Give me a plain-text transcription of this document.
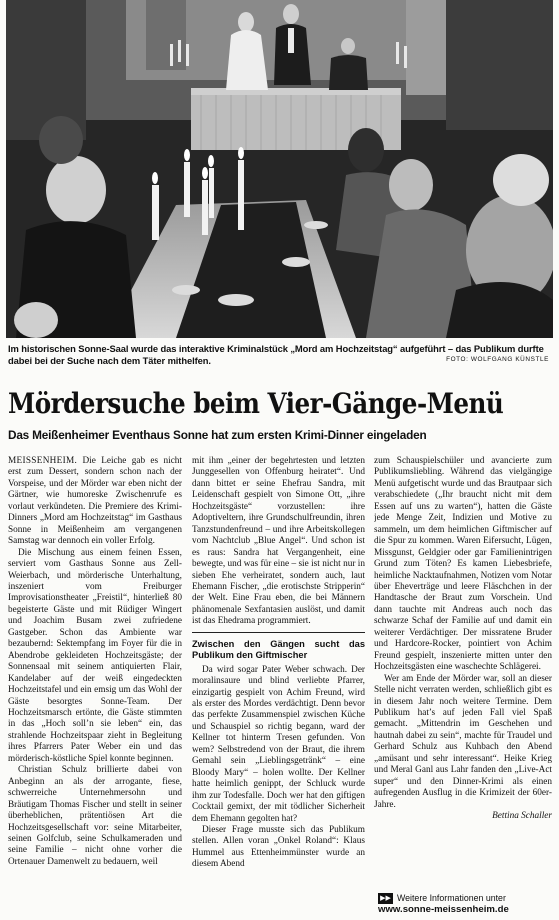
Im historischen Sonne-Saal wurde das interaktive Kriminalstück „Mord am Hochzeitstag“ aufgeführt – das Publikum durfte dabei bei der Suche nach dem Täter mithelfen.	FOTO: WOLFGANG KÜNSTLE
Mördersuche beim Vier-Gänge-Menü
Das Meißenheimer Eventhaus Sonne hat zum ersten Krimi-Dinner eingeladen

MEISSENHEIM. Die Leiche gab es nicht erst zum Dessert, sondern schon nach der Vorspeise, und der Mörder war eben nicht der Gärtner, wie humoreske Zwischenrufe es vorlaut verkündeten. Die Premiere des Krimi-Dinners „Mord am Hochzeitstag“ im Gasthaus Sonne in Meißenheim am vergangenen Samstag war dennoch ein voller Erfolg.

Die Mischung aus einem feinen Essen, serviert vom Gasthaus Sonne aus Zell-Weierbach, und mörderische Unterhaltung, inszeniert vom Freiburger Improvisationstheater „Freistil“, hinterließ 80 begeisterte Gäste und mit Rüdiger Wingert und Joachim Busam zwei zufriedene Gastgeber. Schon das Ambiente war bezaubernd: Sektempfang im Foyer für die in Abendrobe gekleideten Hochzeitsgäste; der Sonnensaal mit seinem antiquierten Flair, Kandelaber auf der weiß eingedeckten Hochzeitstafel und ein emsig um das Wohl der Gäste besorgtes Sonne-Team. Der Hochzeitsmarsch ertönte, die Gäste stimmten in das „Hoch soll’n sie leben“ ein, das strahlende Hochzeitspaar zieht in Begleitung ihres Pfarrers Pater Weber ein und das mörderisch-köstliche Spiel konnte beginnen.

Christian Schulz brillierte dabei von Anbeginn an als der arrogante, fiese, schwerreiche Unternehmersohn und Bräutigam Thomas Fischer und stellt in seiner überheblichen, prätentiösen Art die Hochzeitsgesellschaft vor: seine Mitarbeiter, seinen Golfclub, seine Schulkameraden und seine Familie – nicht ohne vorher die Ortenauer Damenwelt zu bedauern, weil

mit ihm „einer der begehrtesten und letzten Junggesellen von Offenburg heiratet“. Und dann bittet er seine Ehefrau Sandra, mit Leidenschaft gespielt von Simone Ott, „ihre Hochzeitsgäste“ vorzustellen: ihre Adoptiveltern, ihre Grundschulfreundin, ihren Tanzstundenfreund – und ihre Arbeitskollegen vom Nachtclub „Blue Angel“. Und schon ist es raus: Sandra hat Vergangenheit, eine bewegte, und was für eine – sie ist nicht nur in sieben Ehe verheiratet, sondern auch, laut Ehemann Fischer, „die erotischste Stripperin“ der Welt. Eine Frau eben, die bei Männern phänomenale Sexfantasien auslöst, und damit ist das Ehedrama programmiert.

Zwischen den Gängen sucht das Publikum den Giftmischer

Da wird sogar Pater Weber schwach. Der moralinsaure und blind verliebte Pfarrer, einzigartig gespielt von Achim Freund, wird als erster des Mordes verdächtigt. Denn bevor das perfekte Zusammenspiel zwischen Küche und Schauspiel so richtig begann, ward der Kellner tot hinterm Tresen gefunden. Von wem? Selbstredend von der Braut, die ihrem Gemahl sein „Lieblingsgetränk“ – eine Bloody Mary“ – holen wollte. Der Kellner hatte heimlich genippt, der Schluck wurde ihm zur Todesfalle. Doch wer hat den giftigen Cocktail gemixt, der mit tödlicher Sicherheit dem Ehemann gegolten hat?

Dieser Frage musste sich das Publikum stellen. Allen voran „Onkel Roland“: Klaus Hummel aus Ettenheimmünster wurde an diesem Abend

zum Schauspielschüler und avancierte zum Publikumsliebling. Während das vielgängige Menü aufgetischt wurde und das Brautpaar sich verabschiedete („Ihr braucht nicht mit dem Essen auf uns zu warten“), hatten die Gäste jede Menge Zeit, Indizien und Motive zu sammeln, um dem heimlichen Giftmischer auf die Spur zu kommen. Waren Eifersucht, Lügen, Missgunst, Geldgier oder gar Familienintrigen Grund zum Töten? Es kamen Liebesbriefe, heimliche Nacktaufnahmen, Notizen vom Notar über Eheverträge und leere Fläschchen in der Handtasche der Braut zum Vorschein. Und dann tauchte mit Andreas auch noch das schwarze Schaf der Familie auf und damit ein weiterer Verdächtiger. Der missratene Bruder und Hardcore-Rocker, pointiert von Achim Freund gespielt, inszenierte mitten unter den Hochzeitsgästen eine waschechte Schlägerei.

Wer am Ende der Mörder war, soll an dieser Stelle nicht verraten werden, schließlich gibt es in diesem Jahr noch weitere Termine. Dem Publikum hat’s auf jeden Fall viel Spaß gemacht. „Mittendrin im Geschehen und hautnah dabei zu sein“, machte für Traudel und Gerhard Schulz aus Kuhbach den Abend „amüsant und sehr interessant“. Heike Krieg und Meral Ganl aus Lahr fanden den „Live-Act super“ und den Dinner-Krimi als einen aufregenden Ausflug in die Krimizeit der 60er-Jahre.

Bettina Schaller
▶▶ Weitere Informationen unter
www.sonne-meissenheim.de
